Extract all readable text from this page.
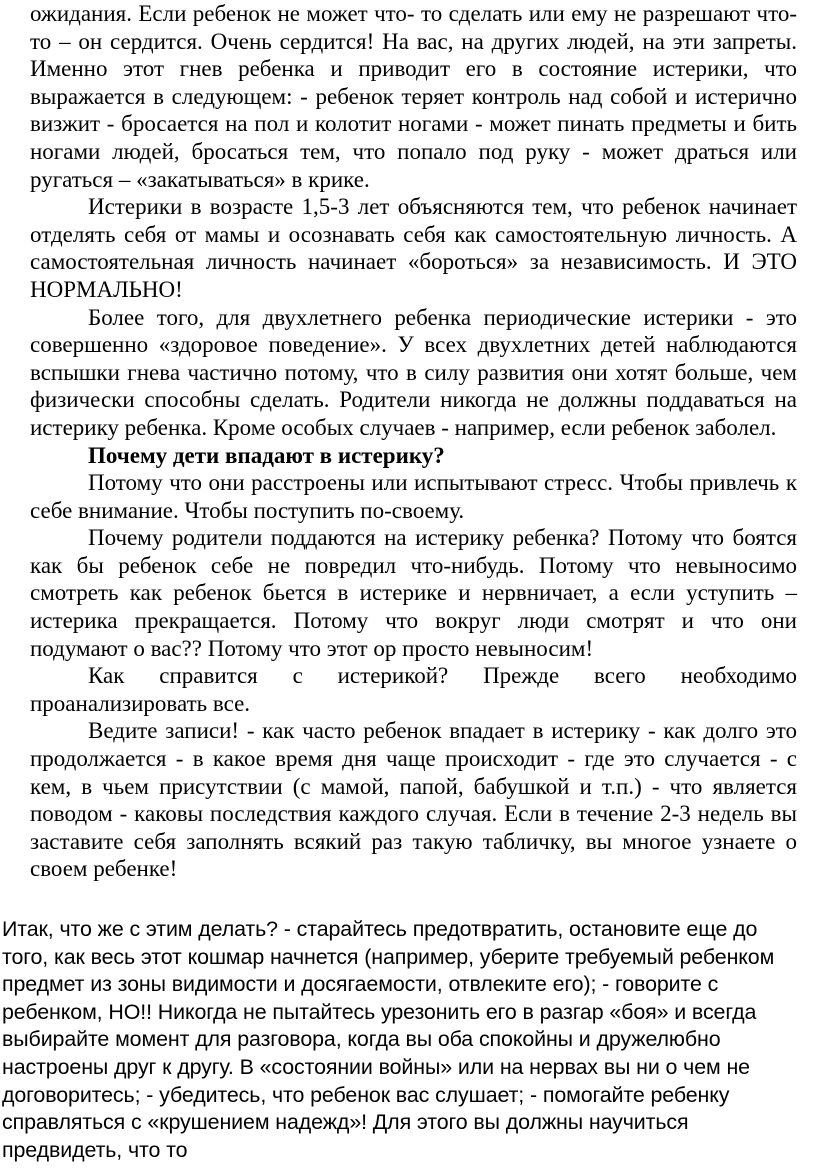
ожидания. Если ребенок не может что- то сделать или ему не разрешают что-то – он сердится. Очень сердится! На вас, на других людей, на эти запреты. Именно этот гнев ребенка и приводит его в состояние истерики, что выражается в следующем: - ребенок теряет контроль над собой и истерично визжит - бросается на пол и колотит ногами - может пинать предметы и бить ногами людей, бросаться тем, что попало под руку - может драться или ругаться – «закатываться» в крике.

Истерики в возрасте 1,5-3 лет объясняются тем, что ребенок начинает отделять себя от мамы и осознавать себя как самостоятельную личность. А самостоятельная личность начинает «бороться» за независимость. И ЭТО НОРМАЛЬНО!

Более того, для двухлетнего ребенка периодические истерики - это совершенно «здоровое поведение». У всех двухлетних детей наблюдаются вспышки гнева частично потому, что в силу развития они хотят больше, чем физически способны сделать. Родители никогда не должны поддаваться на истерику ребенка. Кроме особых случаев - например, если ребенок заболел.

Почему дети впадают в истерику?

Потому что они расстроены или испытывают стресс. Чтобы привлечь к себе внимание. Чтобы поступить по-своему.

Почему родители поддаются на истерику ребенка? Потому что боятся как бы ребенок себе не повредил что-нибудь. Потому что невыносимо смотреть как ребенок бьется в истерике и нервничает, а если уступить – истерика прекращается. Потому что вокруг люди смотрят и что они подумают о вас?? Потому что этот ор просто невыносим!

Как справится с истерикой? Прежде всего необходимо проанализировать все.

Ведите записи! - как часто ребенок впадает в истерику - как долго это продолжается - в какое время дня чаще происходит - где это случается - с кем, в чьем присутствии (с мамой, папой, бабушкой и т.п.) - что является поводом - каковы последствия каждого случая. Если в течение 2-3 недель вы заставите себя заполнять всякий раз такую табличку, вы многое узнаете о своем ребенке!

Итак, что же с этим делать? - старайтесь предотвратить, остановите еще до
того, как весь этот кошмар начнется (например, уберите требуемый ребенком
предмет из зоны видимости и досягаемости, отвлеките его); - говорите с
ребенком, НО!! Никогда не пытайтесь урезонить его в разгар «боя» и всегда
выбирайте момент для разговора, когда вы оба спокойны и дружелюбно
настроены друг к другу. В «состоянии войны» или на нервах вы ни о чем не
договоритесь; - убедитесь, что ребенок вас слушает; - помогайте ребенку
справляться с «крушением надежд»! Для этого вы должны научиться
предвидеть, что то
